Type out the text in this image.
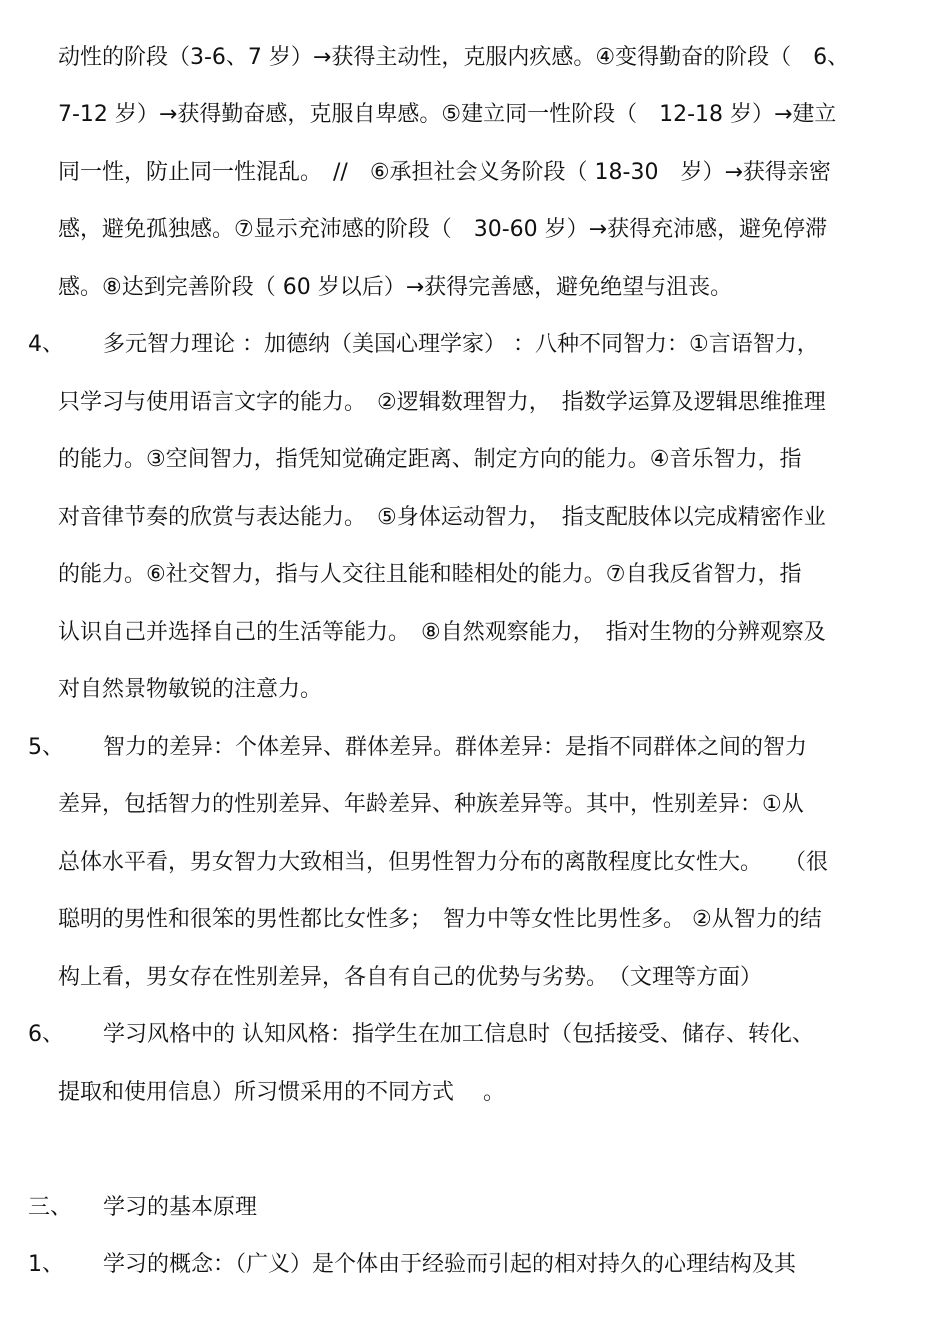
动性的阶段（3-6、7 岁）→获得主动性，克服内疚感。④变得勤奋的阶段（　6、
7-12 岁）→获得勤奋感，克服自卑感。⑤建立同一性阶段（　12-18 岁）→建立
同一性，防止同一性混乱。　//　⑥承担社会义务阶段（ 18-30　岁）→获得亲密
感，避免孤独感。⑦显示充沛感的阶段（　30-60 岁）→获得充沛感，避免停滞
感。⑧达到完善阶段（ 60 岁以后）→获得完善感，避免绝望与沮丧。
4、 多元智力理论 ：加德纳（美国心理学家） ：八种不同智力：①言语智力，
只学习与使用语言文字的能力。　②逻辑数理智力，　指数学运算及逻辑思维推理
的能力。③空间智力，指凭知觉确定距离、制定方向的能力。④音乐智力，指
对音律节奏的欣赏与表达能力。　⑤身体运动智力，　指支配肢体以完成精密作业
的能力。⑥社交智力，指与人交往且能和睦相处的能力。⑦自我反省智力，指
认识自己并选择自己的生活等能力。　⑧自然观察能力，　指对生物的分辨观察及
对自然景物敏锐的注意力。
5、 智力的差异：个体差异、群体差异。群体差异：是指不同群体之间的智力
差异，包括智力的性别差异、年龄差异、种族差异等。其中，性别差异：①从
总体水平看，男女智力大致相当，但男性智力分布的离散程度比女性大。　　（很
聪明的男性和很笨的男性都比女性多；　智力中等女性比男性多。 ②从智力的结
构上看，男女存在性别差异，各自有自己的优势与劣势。　（文理等方面）
6、 学习风格中的 认知风格：指学生在加工信息时（包括接受、储存、转化、
提取和使用信息）所习惯采用的不同方式　 。
三、 学习的基本原理
1、 学习的概念：（广义）是个体由于经验而引起的相对持久的心理结构及其
